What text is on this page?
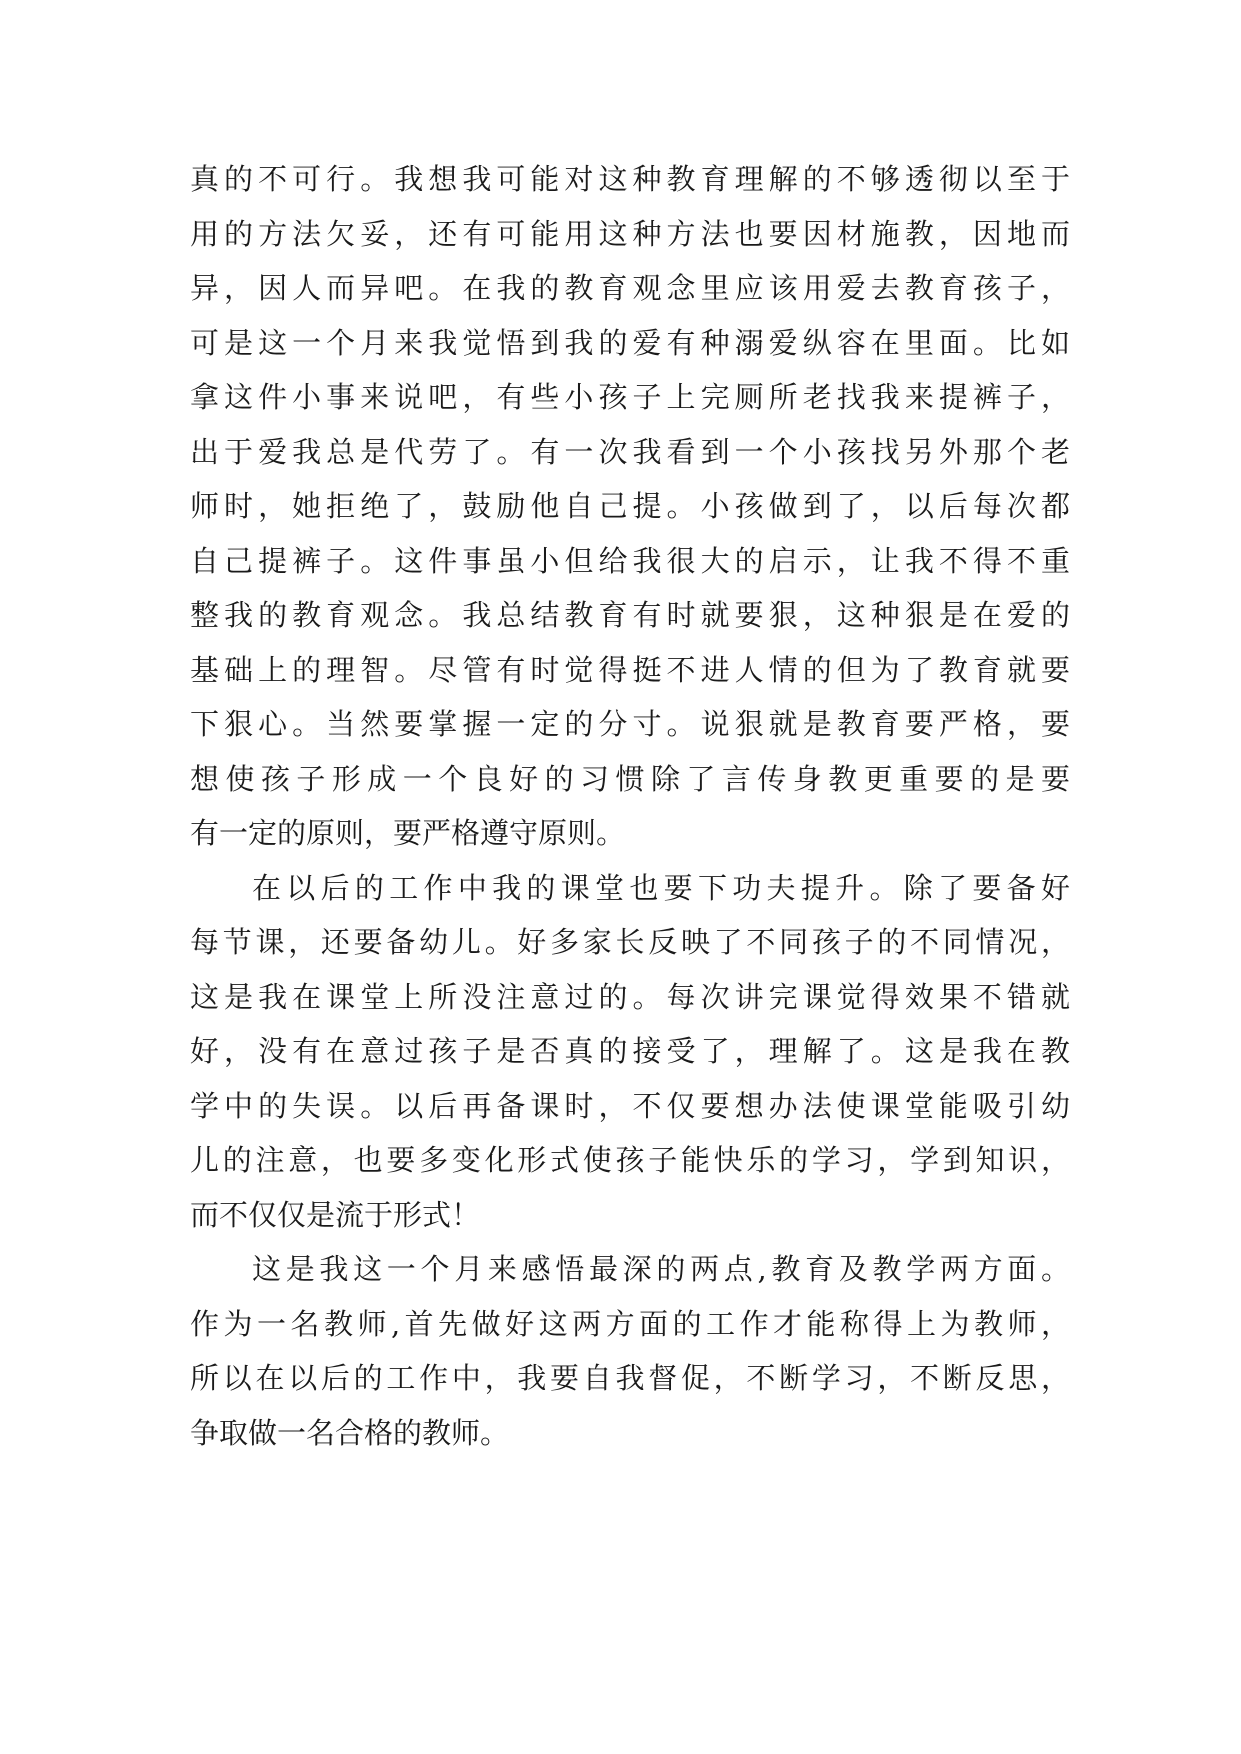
真的不可行。我想我可能对这种教育理解的不够透彻以至于
用的方法欠妥，还有可能用这种方法也要因材施教，因地而
异，因人而异吧。在我的教育观念里应该用爱去教育孩子，
可是这一个月来我觉悟到我的爱有种溺爱纵容在里面。比如
拿这件小事来说吧，有些小孩子上完厕所老找我来提裤子，
出于爱我总是代劳了。有一次我看到一个小孩找另外那个老
师时，她拒绝了，鼓励他自己提。小孩做到了，以后每次都
自己提裤子。这件事虽小但给我很大的启示，让我不得不重
整我的教育观念。我总结教育有时就要狠，这种狠是在爱的
基础上的理智。尽管有时觉得挺不进人情的但为了教育就要
下狠心。当然要掌握一定的分寸。说狠就是教育要严格，要
想使孩子形成一个良好的习惯除了言传身教更重要的是要
有一定的原则，要严格遵守原则。
在以后的工作中我的课堂也要下功夫提升。除了要备好
每节课，还要备幼儿。好多家长反映了不同孩子的不同情况，
这是我在课堂上所没注意过的。每次讲完课觉得效果不错就
好，没有在意过孩子是否真的接受了，理解了。这是我在教
学中的失误。以后再备课时，不仅要想办法使课堂能吸引幼
儿的注意，也要多变化形式使孩子能快乐的学习，学到知识，
而不仅仅是流于形式！
这是我这一个月来感悟最深的两点,教育及教学两方面。
作为一名教师,首先做好这两方面的工作才能称得上为教师，
所以在以后的工作中，我要自我督促，不断学习，不断反思，
争取做一名合格的教师。
